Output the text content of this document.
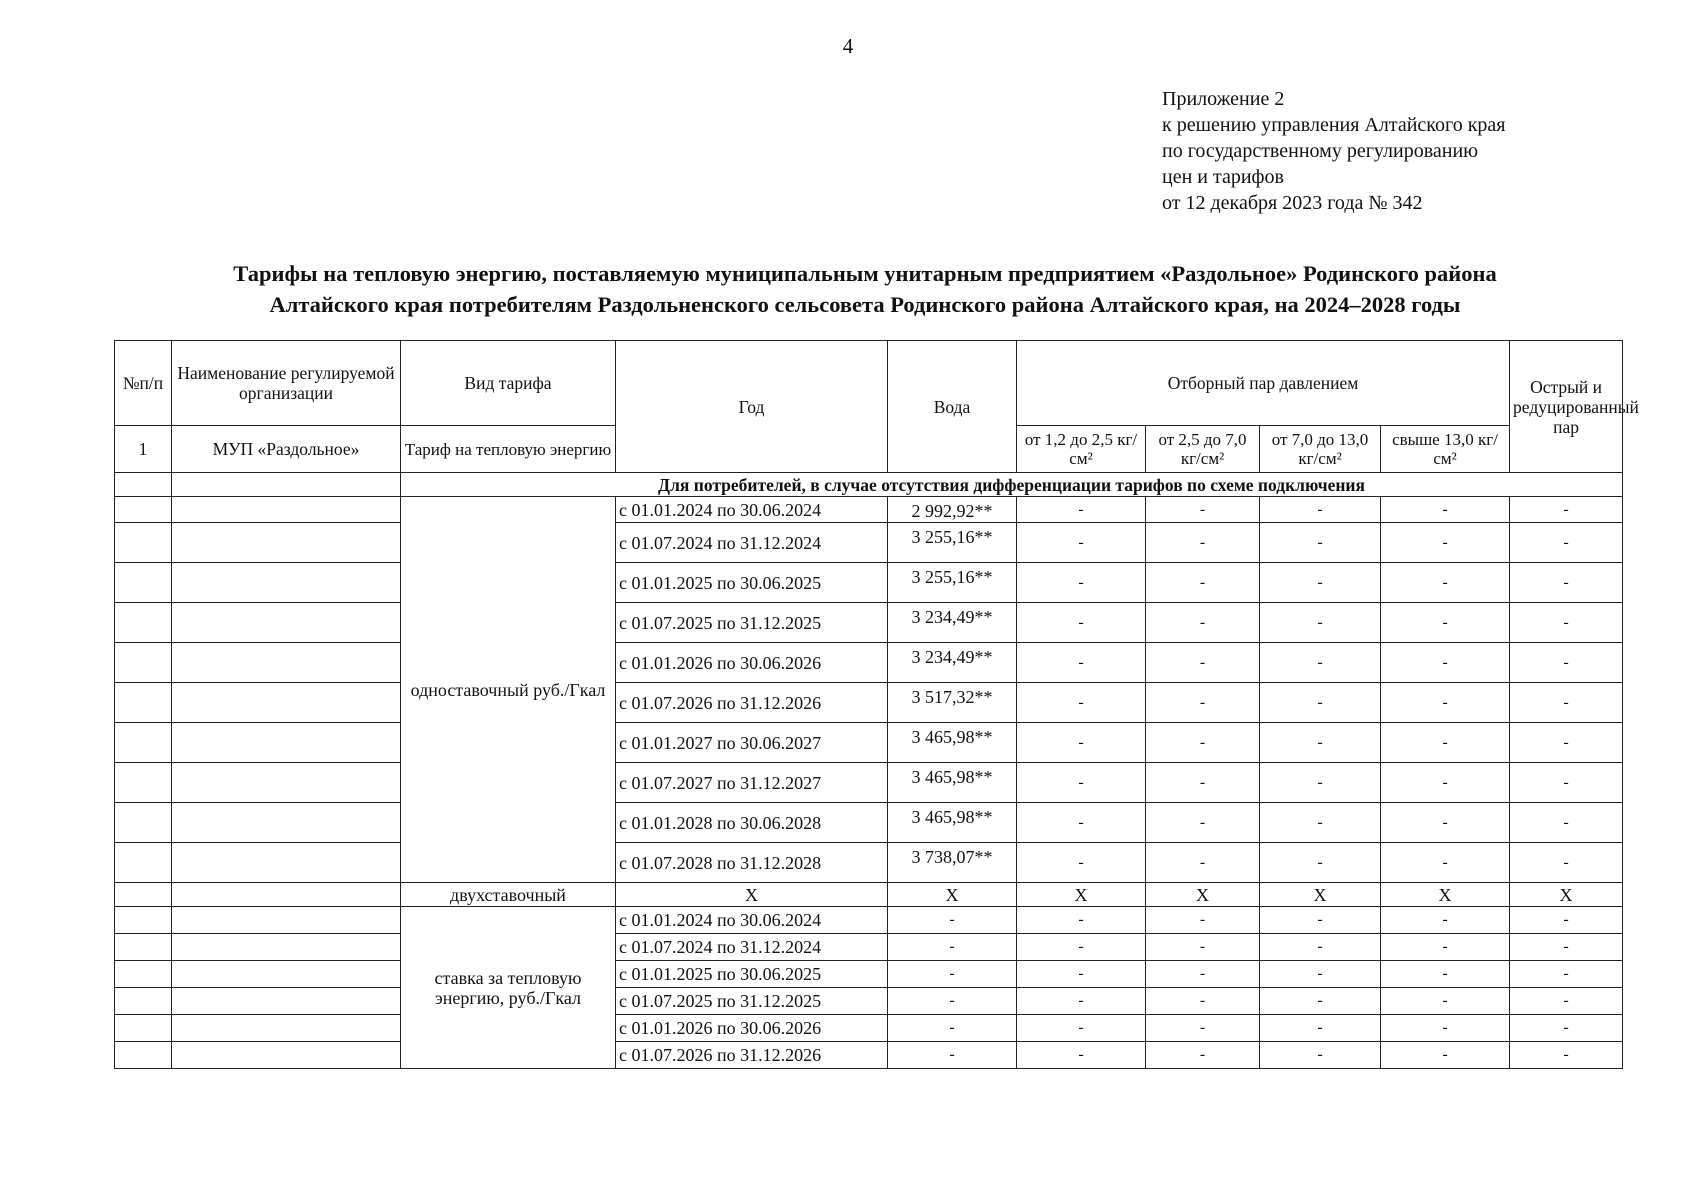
4
Приложение 2
к решению управления Алтайского края
по государственному регулированию
цен и тарифов
от 12 декабря 2023 года № 342
Тарифы на тепловую энергию, поставляемую муниципальным унитарным предприятием «Раздольное» Родинского района
Алтайского края потребителям Раздольненского сельсовета Родинского района Алтайского края, на 2024–2028 годы
№п/п	Наименование регулируемой организации	Вид тарифа	Год	Вода	Отборный пар давлением				Острый и редуцированный пар
1	МУП «Раздольное»	Тариф на тепловую энергию			от 1,2 до 2,5 кг/см²	от 2,5 до 7,0 кг/см²	от 7,0 до 13,0 кг/см²	свыше 13,0 кг/см²	
		Для потребителей, в случае отсутствия дифференциации тарифов по схеме подключения							
		одноставочный руб./Гкал	с 01.01.2024 по 30.06.2024	2 992,92**	-	-	-	-	-
			с 01.07.2024 по 31.12.2024	3 255,16**	-	-	-	-	-
			с 01.01.2025 по 30.06.2025	3 255,16**	-	-	-	-	-
			с 01.07.2025 по 31.12.2025	3 234,49**	-	-	-	-	-
			с 01.01.2026 по 30.06.2026	3 234,49**	-	-	-	-	-
			с 01.07.2026 по 31.12.2026	3 517,32**	-	-	-	-	-
			с 01.01.2027 по 30.06.2027	3 465,98**	-	-	-	-	-
			с 01.07.2027 по 31.12.2027	3 465,98**	-	-	-	-	-
			с 01.01.2028 по 30.06.2028	3 465,98**	-	-	-	-	-
			с 01.07.2028 по 31.12.2028	3 738,07**	-	-	-	-	-
		двухставочный	X	X	X	X	X	X	X
		ставка за тепловую энергию, руб./Гкал	с 01.01.2024 по 30.06.2024	-	-	-	-	-	-
			с 01.07.2024 по 31.12.2024	-	-	-	-	-	-
			с 01.01.2025 по 30.06.2025	-	-	-	-	-	-
			с 01.07.2025 по 31.12.2025	-	-	-	-	-	-
			с 01.01.2026 по 30.06.2026	-	-	-	-	-	-
			с 01.07.2026 по 31.12.2026	-	-	-	-	-	-
